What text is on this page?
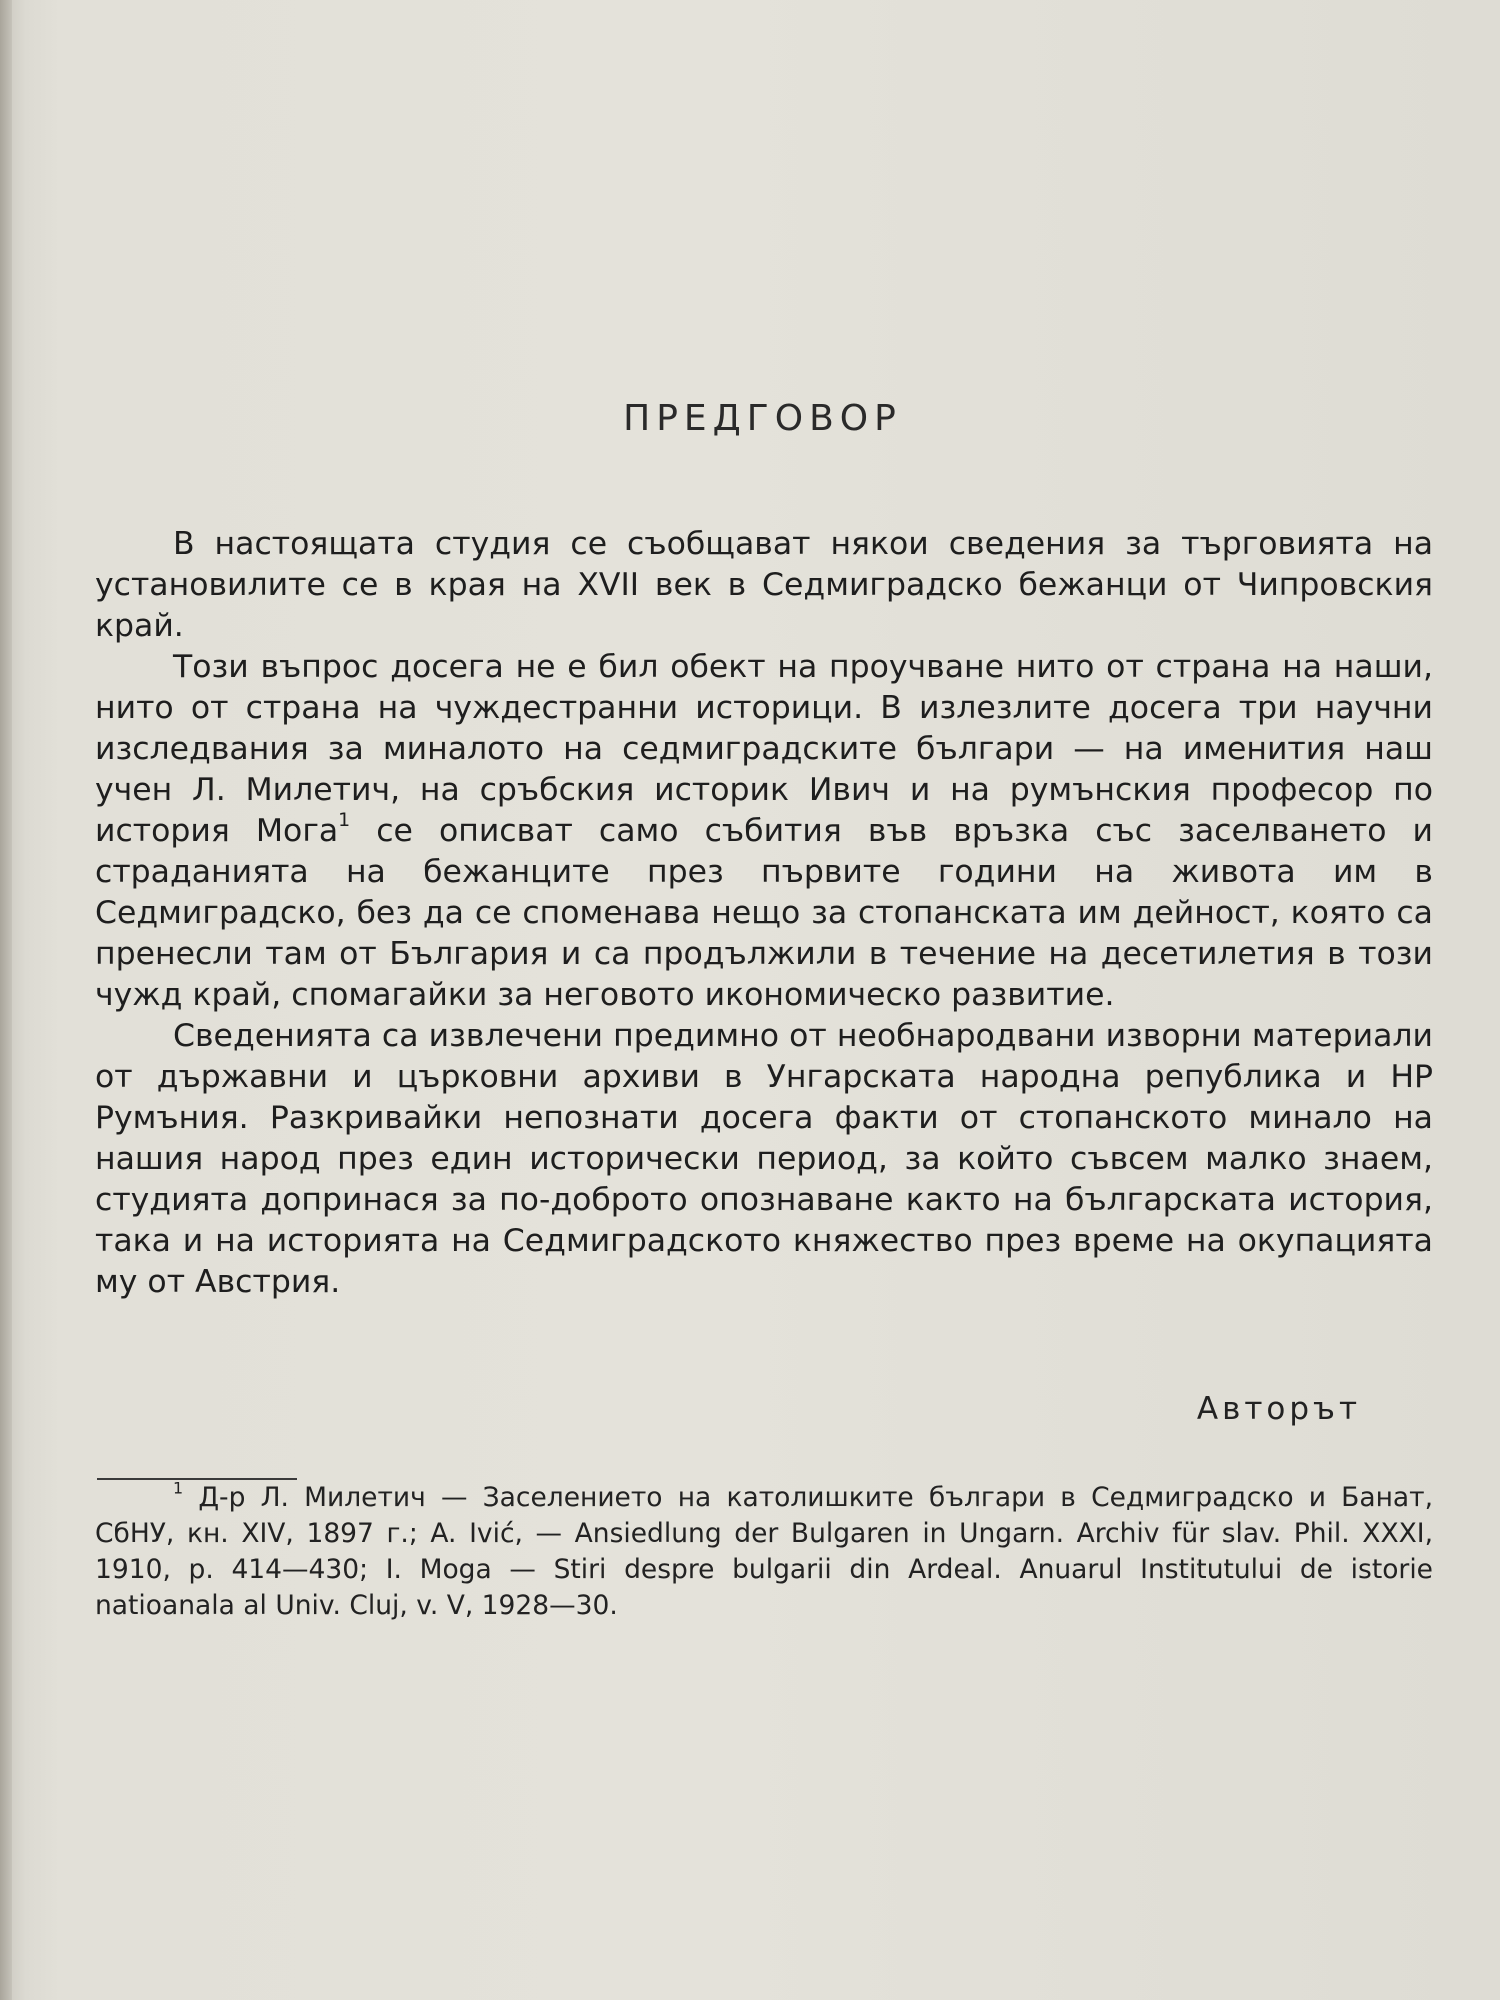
ПРЕДГОВОР

В настоящата студия се съобщават някои сведения за търговията на установилите се в края на XVII век в Седмиградско бежанци от Чипровския край.

Този въпрос досега не е бил обект на проучване нито от страна на наши, нито от страна на чуждестранни историци. В излезлите досега три научни изследвания за миналото на седмиградските българи — на именития наш учен Л. Милетич, на сръбския историк Ивич и на румънския професор по история Мога$^1$ се описват само събития във връзка със заселването и страданията на бежанците през първите години на живота им в Седмиградско, без да се споменава нещо за стопанската им дейност, която са пренесли там от България и са продължили в течение на десетилетия в този чужд край, спомагайки за неговото икономическо развитие.

Сведенията са извлечени предимно от необнародвани изворни материали от държавни и църковни архиви в Унгарската народна република и НР Румъния. Разкривайки непознати досега факти от стопанското минало на нашия народ през един исторически период, за който съвсем малко знаем, студията допринася за по-доброто опознаване както на българската история, така и на историята на Седмиградското княжество през време на окупацията му от Австрия.

Авторът
$^1$ Д-р Л. Милетич — Заселението на католишките българи в Седмиградско и Банат, СбНУ, кн. XIV, 1897 г.; A. Ivić, — Ansiedlung der Bulgaren in Ungarn. Archiv für slav. Phil. XXXI, 1910, p. 414—430; I. Moga — Stiri despre bulgarii din Ardeal. Anuarul Institutului de istorie natioanala al Univ. Cluj, v. V, 1928—30.
